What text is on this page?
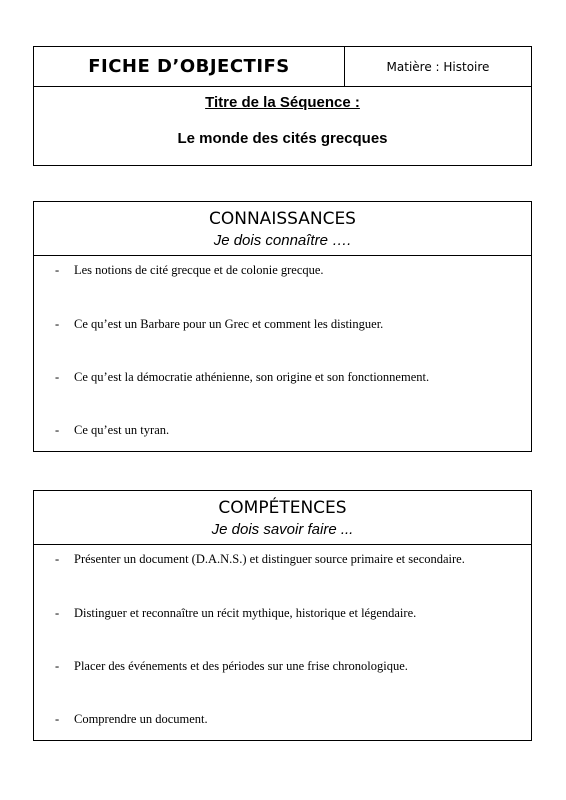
FICHE D’OBJECTIFS	Matière : Histoire
Titre de la Séquence :
Le monde des cités grecques
CONNAISSANCES
Je dois connaître ….
- Les notions de cité grecque et de colonie grecque.
- Ce qu’est un Barbare pour un Grec et comment les distinguer.
- Ce qu’est la démocratie athénienne, son origine et son fonctionnement.
- Ce qu’est un tyran.
COMPÉTENCES
Je dois savoir faire ...
- Présenter un document (D.A.N.S.) et distinguer source primaire et secondaire.
- Distinguer et reconnaître un récit mythique, historique et légendaire.
- Placer des événements et des périodes sur une frise chronologique.
- Comprendre un document.
